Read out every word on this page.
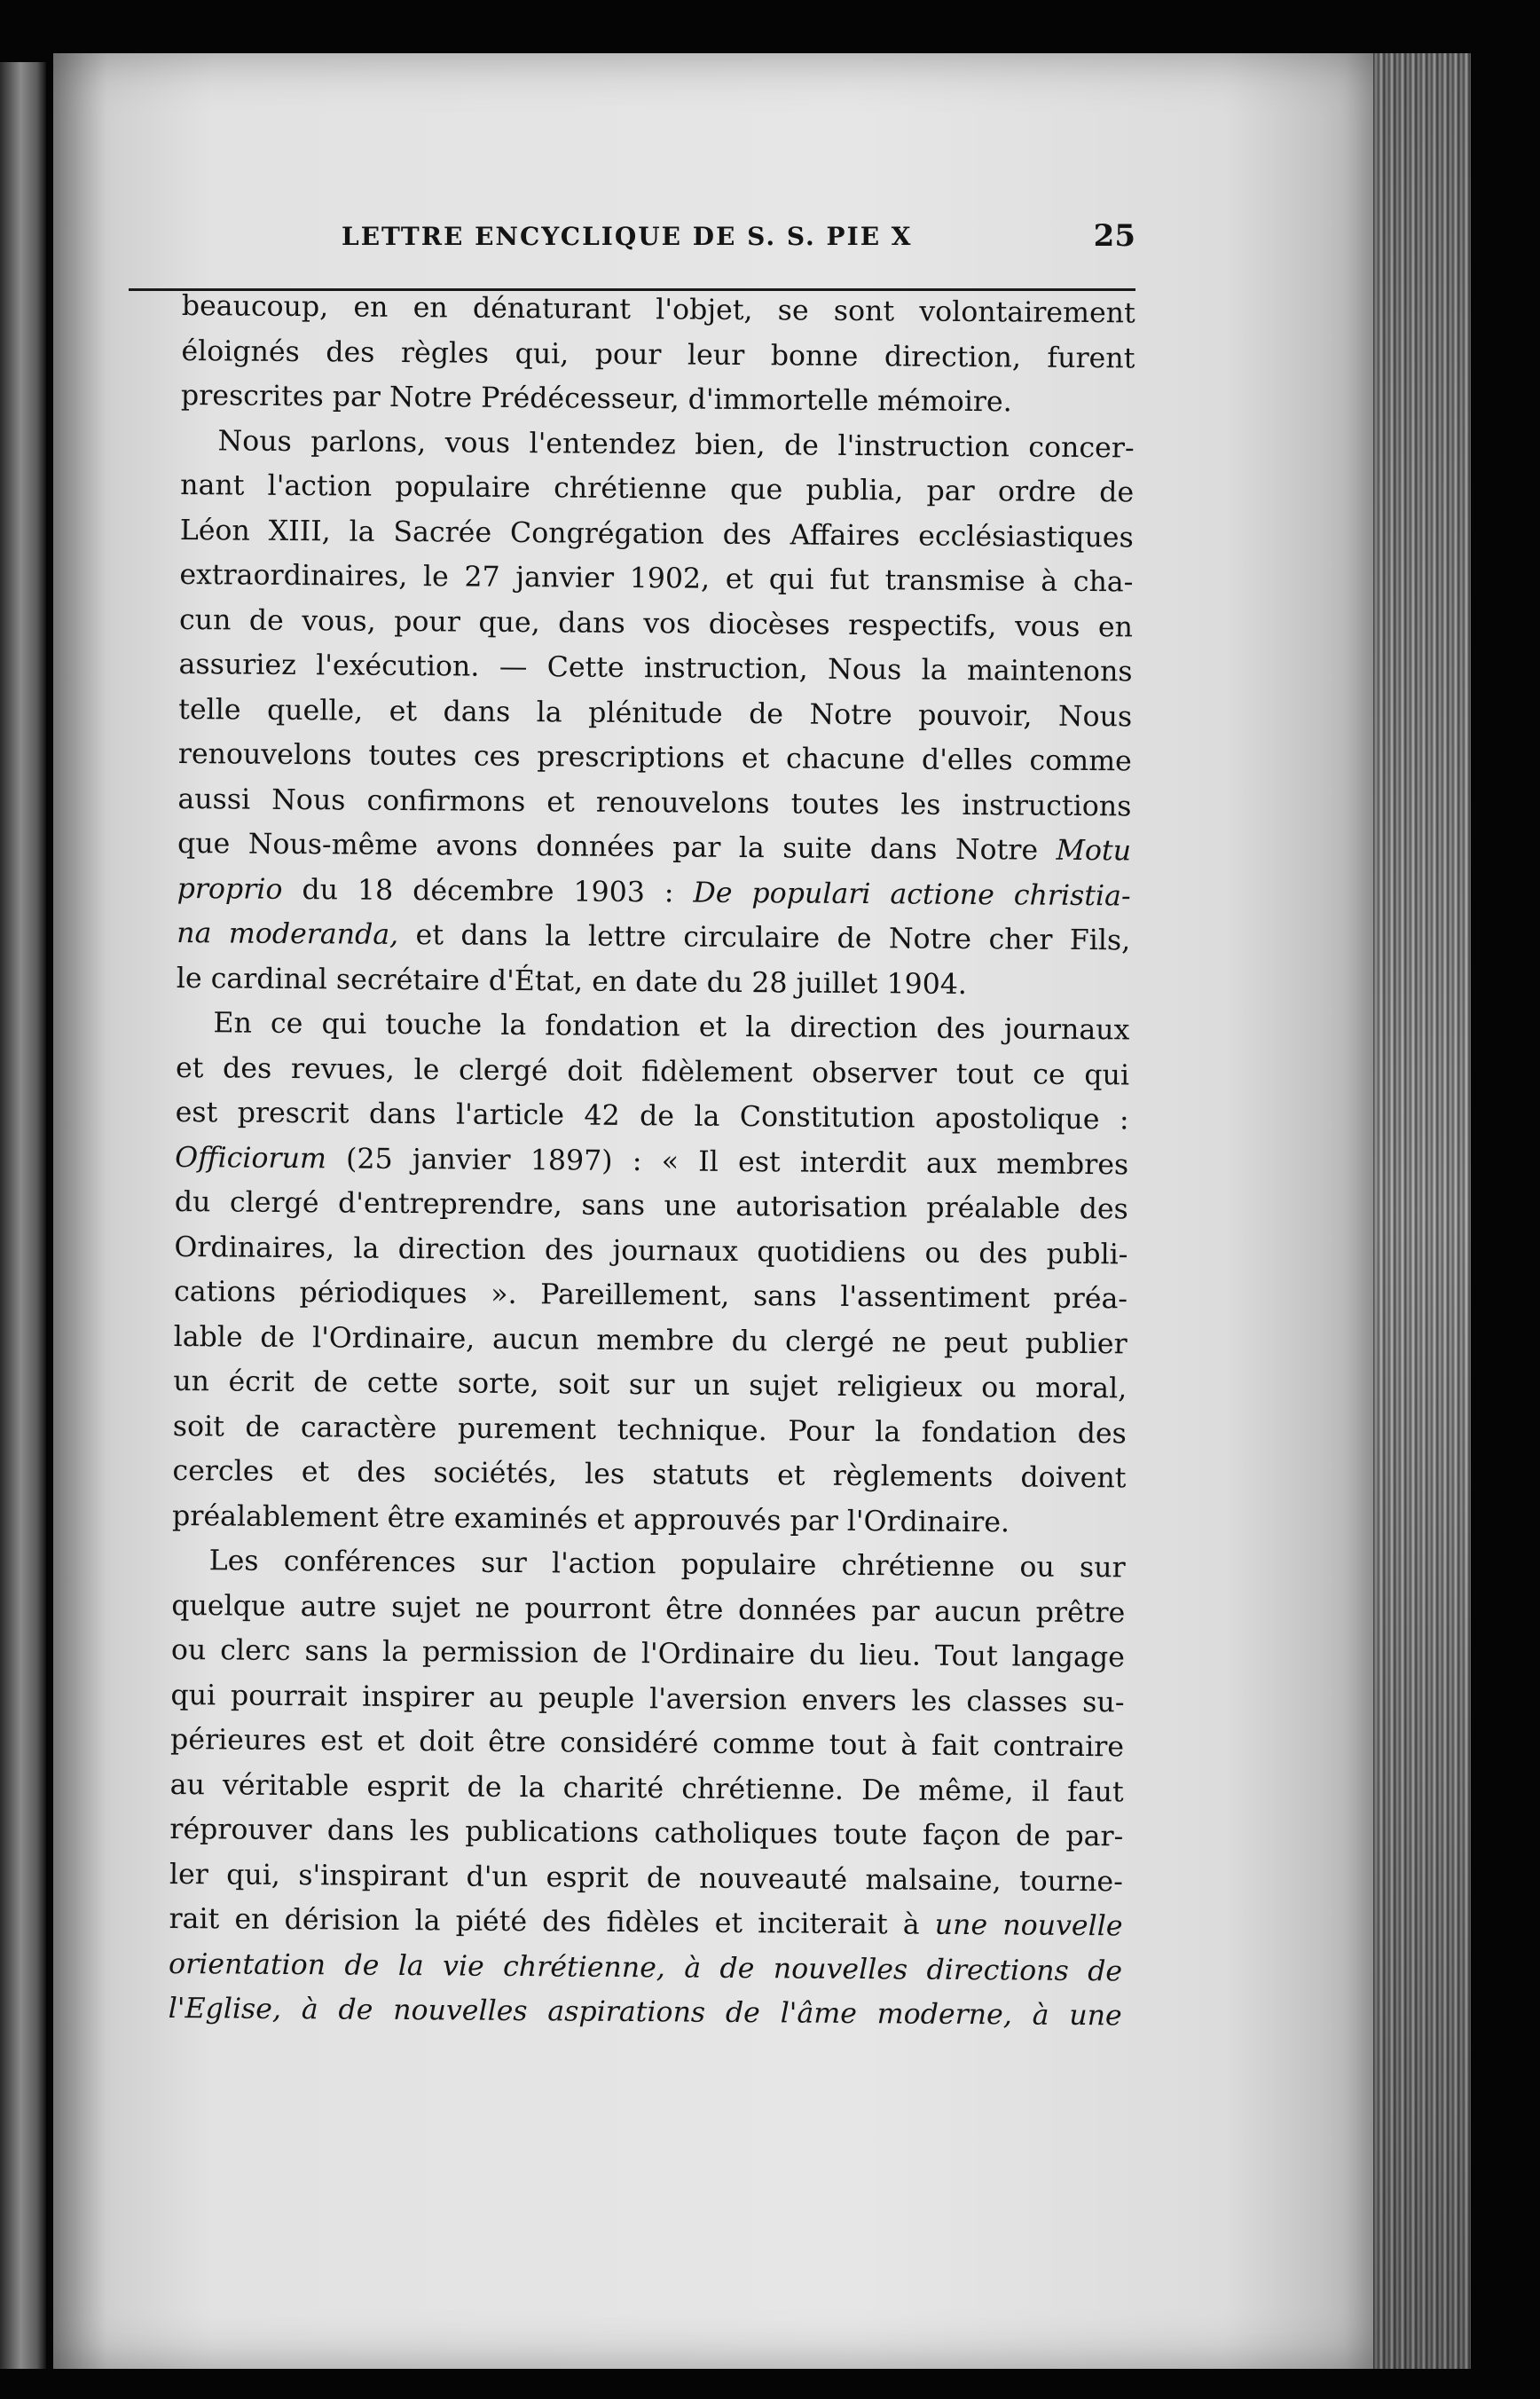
LETTRE ENCYCLIQUE DE S. S. PIE X	25
beaucoup, en en dénaturant l'objet, se sont volontairement
éloignés des règles qui, pour leur bonne direction, furent
prescrites par Notre Prédécesseur, d'immortelle mémoire.
Nous parlons, vous l'entendez bien, de l'instruction concer-
nant l'action populaire chrétienne que publia, par ordre de
Léon XIII, la Sacrée Congrégation des Affaires ecclésiastiques
extraordinaires, le 27 janvier 1902, et qui fut transmise à cha-
cun de vous, pour que, dans vos diocèses respectifs, vous en
assuriez l'exécution. — Cette instruction, Nous la maintenons
telle quelle, et dans la plénitude de Notre pouvoir, Nous
renouvelons toutes ces prescriptions et chacune d'elles comme
aussi Nous confirmons et renouvelons toutes les instructions
que Nous-même avons données par la suite dans Notre Motu
proprio du 18 décembre 1903 : De populari actione christia-
na moderanda, et dans la lettre circulaire de Notre cher Fils,
le cardinal secrétaire d'État, en date du 28 juillet 1904.
En ce qui touche la fondation et la direction des journaux
et des revues, le clergé doit fidèlement observer tout ce qui
est prescrit dans l'article 42 de la Constitution apostolique :
Officiorum (25 janvier 1897) : « Il est interdit aux membres
du clergé d'entreprendre, sans une autorisation préalable des
Ordinaires, la direction des journaux quotidiens ou des publi-
cations périodiques ». Pareillement, sans l'assentiment préa-
lable de l'Ordinaire, aucun membre du clergé ne peut publier
un écrit de cette sorte, soit sur un sujet religieux ou moral,
soit de caractère purement technique. Pour la fondation des
cercles et des sociétés, les statuts et règlements doivent
préalablement être examinés et approuvés par l'Ordinaire.
Les conférences sur l'action populaire chrétienne ou sur
quelque autre sujet ne pourront être données par aucun prêtre
ou clerc sans la permission de l'Ordinaire du lieu. Tout langage
qui pourrait inspirer au peuple l'aversion envers les classes su-
périeures est et doit être considéré comme tout à fait contraire
au véritable esprit de la charité chrétienne. De même, il faut
réprouver dans les publications catholiques toute façon de par-
ler qui, s'inspirant d'un esprit de nouveauté malsaine, tourne-
rait en dérision la piété des fidèles et inciterait à une nouvelle
orientation de la vie chrétienne, à de nouvelles directions de
l'Eglise, à de nouvelles aspirations de l'âme moderne, à une
